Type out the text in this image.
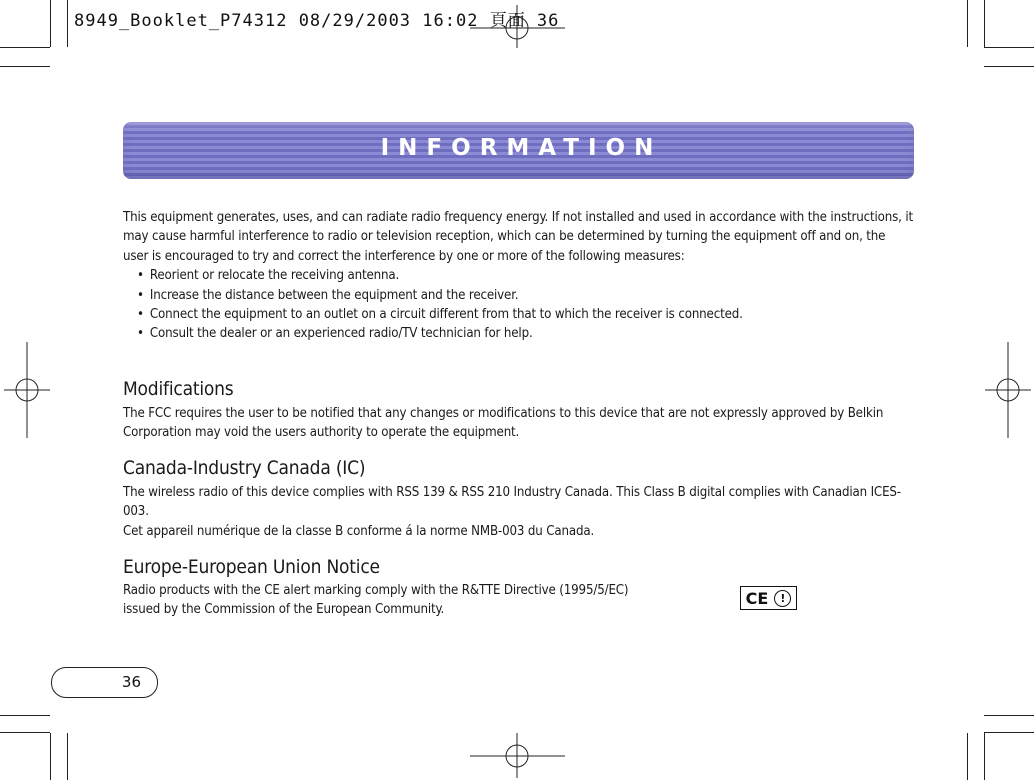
8949_Booklet_P74312 08/29/2003 16:02 頁面 36
INFORMATION

This equipment generates, uses, and can radiate radio frequency energy. If not installed and used in accordance with the instructions, it may cause harmful interference to radio or television reception, which can be determined by turning the equipment off and on, the user is encouraged to try and correct the interference by one or more of the following measures:

• Reorient or relocate the receiving antenna.
• Increase the distance between the equipment and the receiver.
• Connect the equipment to an outlet on a circuit different from that to which the receiver is connected.
• Consult the dealer or an experienced radio/TV technician for help.
Modifications

The FCC requires the user to be notified that any changes or modifications to this device that are not expressly approved by Belkin Corporation may void the users authority to operate the equipment.

Canada-Industry Canada (IC)

The wireless radio of this device complies with RSS 139 & RSS 210 Industry Canada. This Class B digital complies with Canadian ICES-003.

Cet appareil numérique de la classe B conforme á la norme NMB-003 du Canada.

Europe-European Union Notice

Radio products with the CE alert marking comply with the R&TTE Directive (1995/5/EC) issued by the Commission of the European Community.

CE	!
36
